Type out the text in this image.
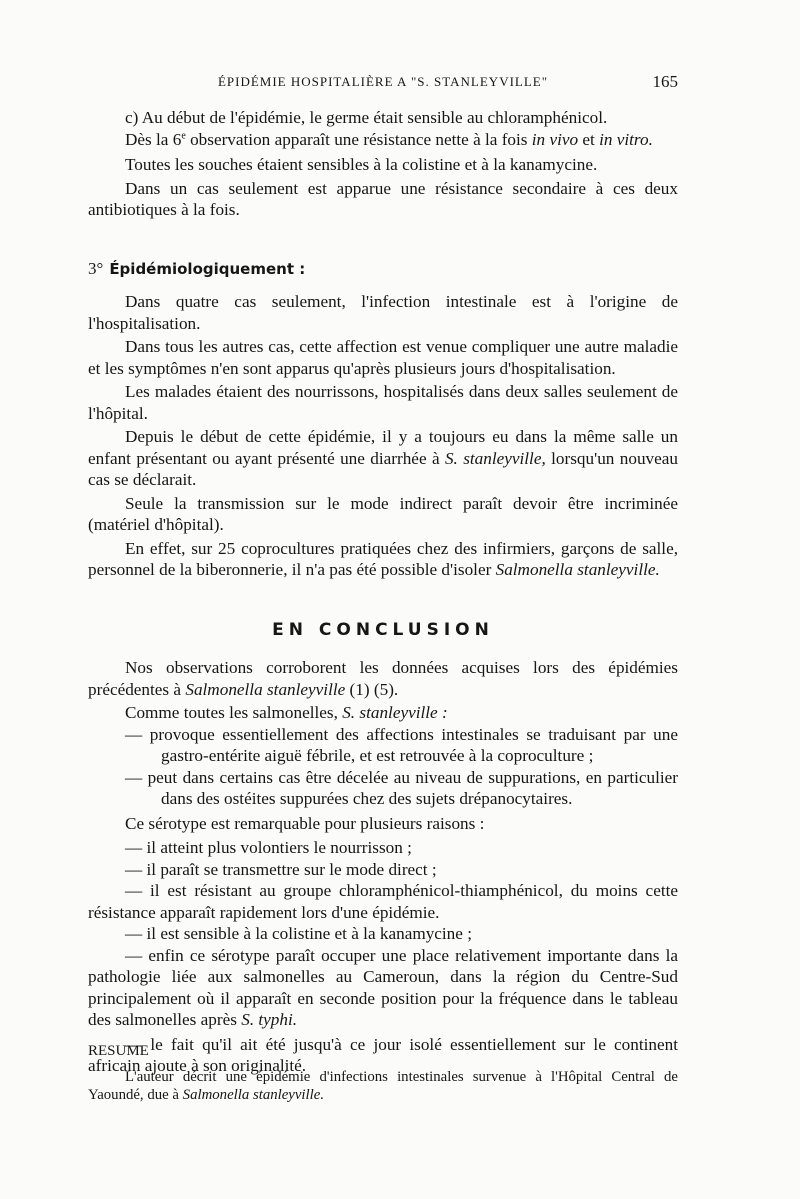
ÉPIDÉMIE HOSPITALIÈRE A "S. STANLEYVILLE"	165

c) Au début de l'épidémie, le germe était sensible au chloramphénicol.

Dès la 6e observation apparaît une résistance nette à la fois in vivo et in vitro.

Toutes les souches étaient sensibles à la colistine et à la kanamycine.

Dans un cas seulement est apparue une résistance secondaire à ces deux antibiotiques à la fois.

3° Épidémiologiquement :

Dans quatre cas seulement, l'infection intestinale est à l'origine de l'hospitalisation.

Dans tous les autres cas, cette affection est venue compliquer une autre maladie et les symptômes n'en sont apparus qu'après plusieurs jours d'hospitalisation.

Les malades étaient des nourrissons, hospitalisés dans deux salles seulement de l'hôpital.

Depuis le début de cette épidémie, il y a toujours eu dans la même salle un enfant présentant ou ayant présenté une diarrhée à S. stanleyville, lorsqu'un nouveau cas se déclarait.

Seule la transmission sur le mode indirect paraît devoir être incriminée (matériel d'hôpital).

En effet, sur 25 coprocultures pratiquées chez des infirmiers, garçons de salle, personnel de la biberonnerie, il n'a pas été possible d'isoler Salmonella stanleyville.

EN CONCLUSION

Nos observations corroborent les données acquises lors des épidémies précédentes à Salmonella stanleyville (1) (5).

Comme toutes les salmonelles, S. stanleyville :

— provoque essentiellement des affections intestinales se traduisant par une gastro-entérite aiguë fébrile, et est retrouvée à la coproculture ;

— peut dans certains cas être décelée au niveau de suppurations, en particulier dans des ostéites suppurées chez des sujets drépanocytaires.

Ce sérotype est remarquable pour plusieurs raisons :

— il atteint plus volontiers le nourrisson ;

— il paraît se transmettre sur le mode direct ;

— il est résistant au groupe chloramphénicol-thiamphénicol, du moins cette résistance apparaît rapidement lors d'une épidémie.

— il est sensible à la colistine et à la kanamycine ;

— enfin ce sérotype paraît occuper une place relativement importante dans la pathologie liée aux salmonelles au Cameroun, dans la région du Centre-Sud principalement où il apparaît en seconde position pour la fréquence dans le tableau des salmonelles après S. typhi.

— le fait qu'il ait été jusqu'à ce jour isolé essentiellement sur le continent africain ajoute à son originalité.

RESUME

L'auteur décrit une épidémie d'infections intestinales survenue à l'Hôpital Central de Yaoundé, due à Salmonella stanleyville.
